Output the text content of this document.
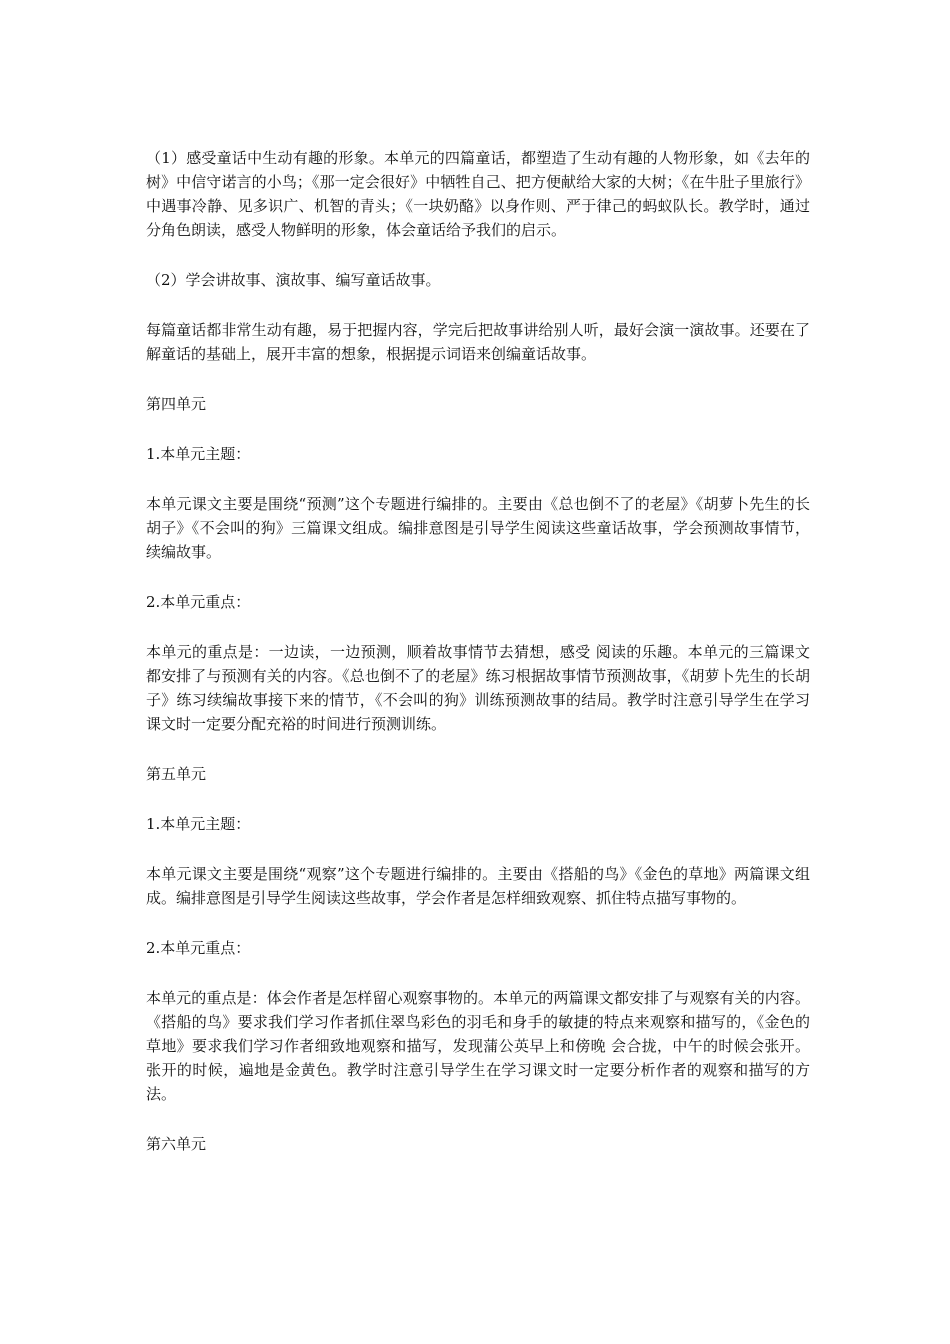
（1）感受童话中生动有趣的形象。本单元的四篇童话，都塑造了生动有趣的人物形象，如《去年的树》中信守诺言的小鸟；《那一定会很好》中牺牲自己、把方便献给大家的大树；《在牛肚子里旅行》中遇事冷静、见多识广、机智的青头；《一块奶酪》以身作则、严于律己的蚂蚁队长。教学时，通过分角色朗读，感受人物鲜明的形象，体会童话给予我们的启示。

（2）学会讲故事、演故事、编写童话故事。

每篇童话都非常生动有趣，易于把握内容，学完后把故事讲给别人听，最好会演一演故事。还要在了解童话的基础上，展开丰富的想象，根据提示词语来创编童话故事。

第四单元

1.本单元主题：

本单元课文主要是围绕“预测”这个专题进行编排的。主要由《总也倒不了的老屋》《胡萝卜先生的长胡子》《不会叫的狗》三篇课文组成。编排意图是引导学生阅读这些童话故事，学会预测故事情节，续编故事。

2.本单元重点：

本单元的重点是：一边读，一边预测，顺着故事情节去猜想，感受 阅读的乐趣。本单元的三篇课文都安排了与预测有关的内容。《总也倒不了的老屋》练习根据故事情节预测故事，《胡萝卜先生的长胡子》练习续编故事接下来的情节，《不会叫的狗》训练预测故事的结局。教学时注意引导学生在学习课文时一定要分配充裕的时间进行预测训练。

第五单元

1.本单元主题：

本单元课文主要是围绕“观察”这个专题进行编排的。主要由《搭船的鸟》《金色的草地》两篇课文组成。编排意图是引导学生阅读这些故事，学会作者是怎样细致观察、抓住特点描写事物的。

2.本单元重点：

本单元的重点是：体会作者是怎样留心观察事物的。本单元的两篇课文都安排了与观察有关的内容。《搭船的鸟》要求我们学习作者抓住翠鸟彩色的羽毛和身手的敏捷的特点来观察和描写的，《金色的草地》要求我们学习作者细致地观察和描写，发现蒲公英早上和傍晚 会合拢，中午的时候会张开。张开的时候，遍地是金黄色。教学时注意引导学生在学习课文时一定要分析作者的观察和描写的方法。

第六单元
